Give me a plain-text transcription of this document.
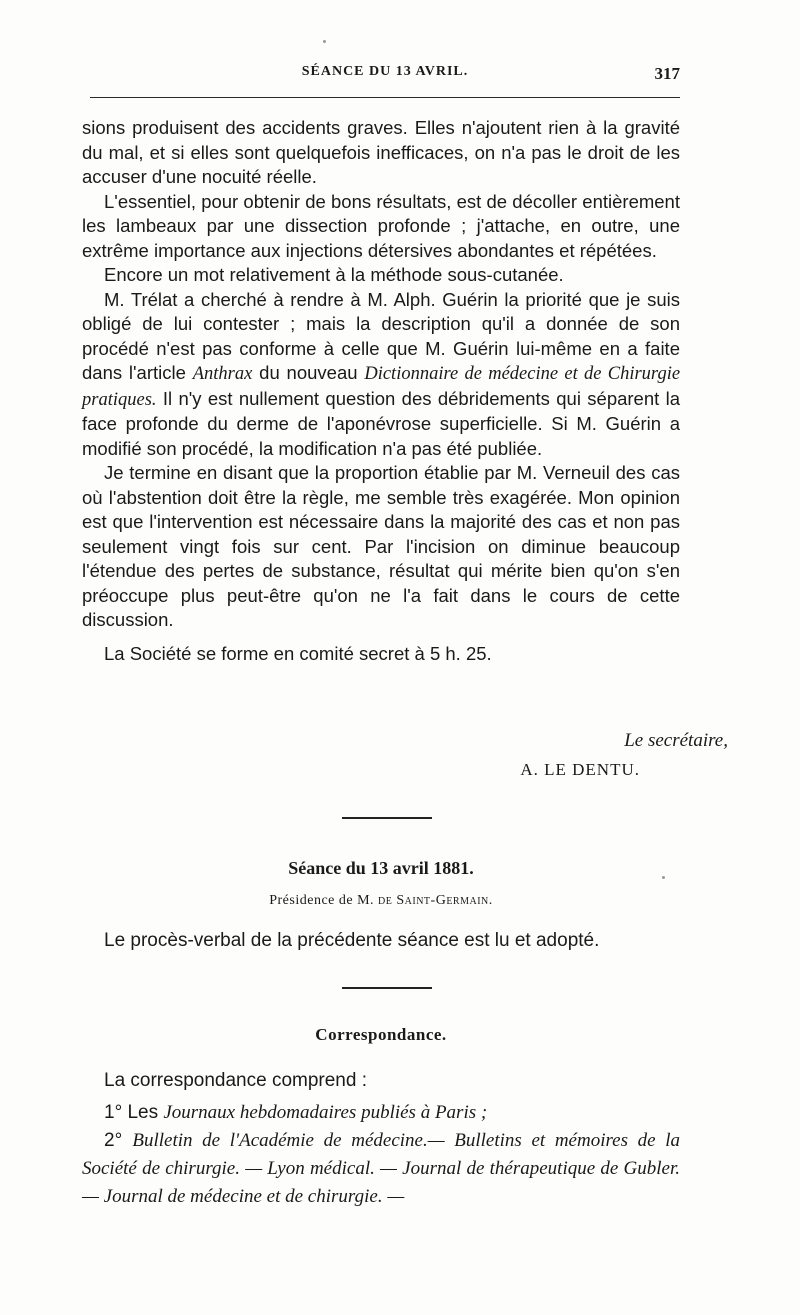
SÉANCE DU 13 AVRIL.	317

sions produisent des accidents graves. Elles n'ajoutent rien à la gravité du mal, et si elles sont quelquefois inefficaces, on n'a pas le droit de les accuser d'une nocuité réelle.

L'essentiel, pour obtenir de bons résultats, est de décoller entièrement les lambeaux par une dissection profonde ; j'attache, en outre, une extrême importance aux injections détersives abondantes et répétées.

Encore un mot relativement à la méthode sous-cutanée.

M. Trélat a cherché à rendre à M. Alph. Guérin la priorité que je suis obligé de lui contester ; mais la description qu'il a donnée de son procédé n'est pas conforme à celle que M. Guérin lui-même en a faite dans l'article Anthrax du nouveau Dictionnaire de médecine et de Chirurgie pratiques. Il n'y est nullement question des débridements qui séparent la face profonde du derme de l'aponévrose superficielle. Si M. Guérin a modifié son procédé, la modification n'a pas été publiée.

Je termine en disant que la proportion établie par M. Verneuil des cas où l'abstention doit être la règle, me semble très exagérée. Mon opinion est que l'intervention est nécessaire dans la majorité des cas et non pas seulement vingt fois sur cent. Par l'incision on diminue beaucoup l'étendue des pertes de substance, résultat qui mérite bien qu'on s'en préoccupe plus peut-être qu'on ne l'a fait dans le cours de cette discussion.

La Société se forme en comité secret à 5 h. 25.

Le secrétaire,
A. LE DENTU.
Séance du 13 avril 1881.
Présidence de M. de Saint-Germain.
Le procès-verbal de la précédente séance est lu et adopté.
Correspondance.

La correspondance comprend :

1° Les Journaux hebdomadaires publiés à Paris ;

2° Bulletin de l'Académie de médecine.— Bulletins et mémoires de la Société de chirurgie. — Lyon médical. — Journal de thérapeutique de Gubler. — Journal de médecine et de chirurgie. —
